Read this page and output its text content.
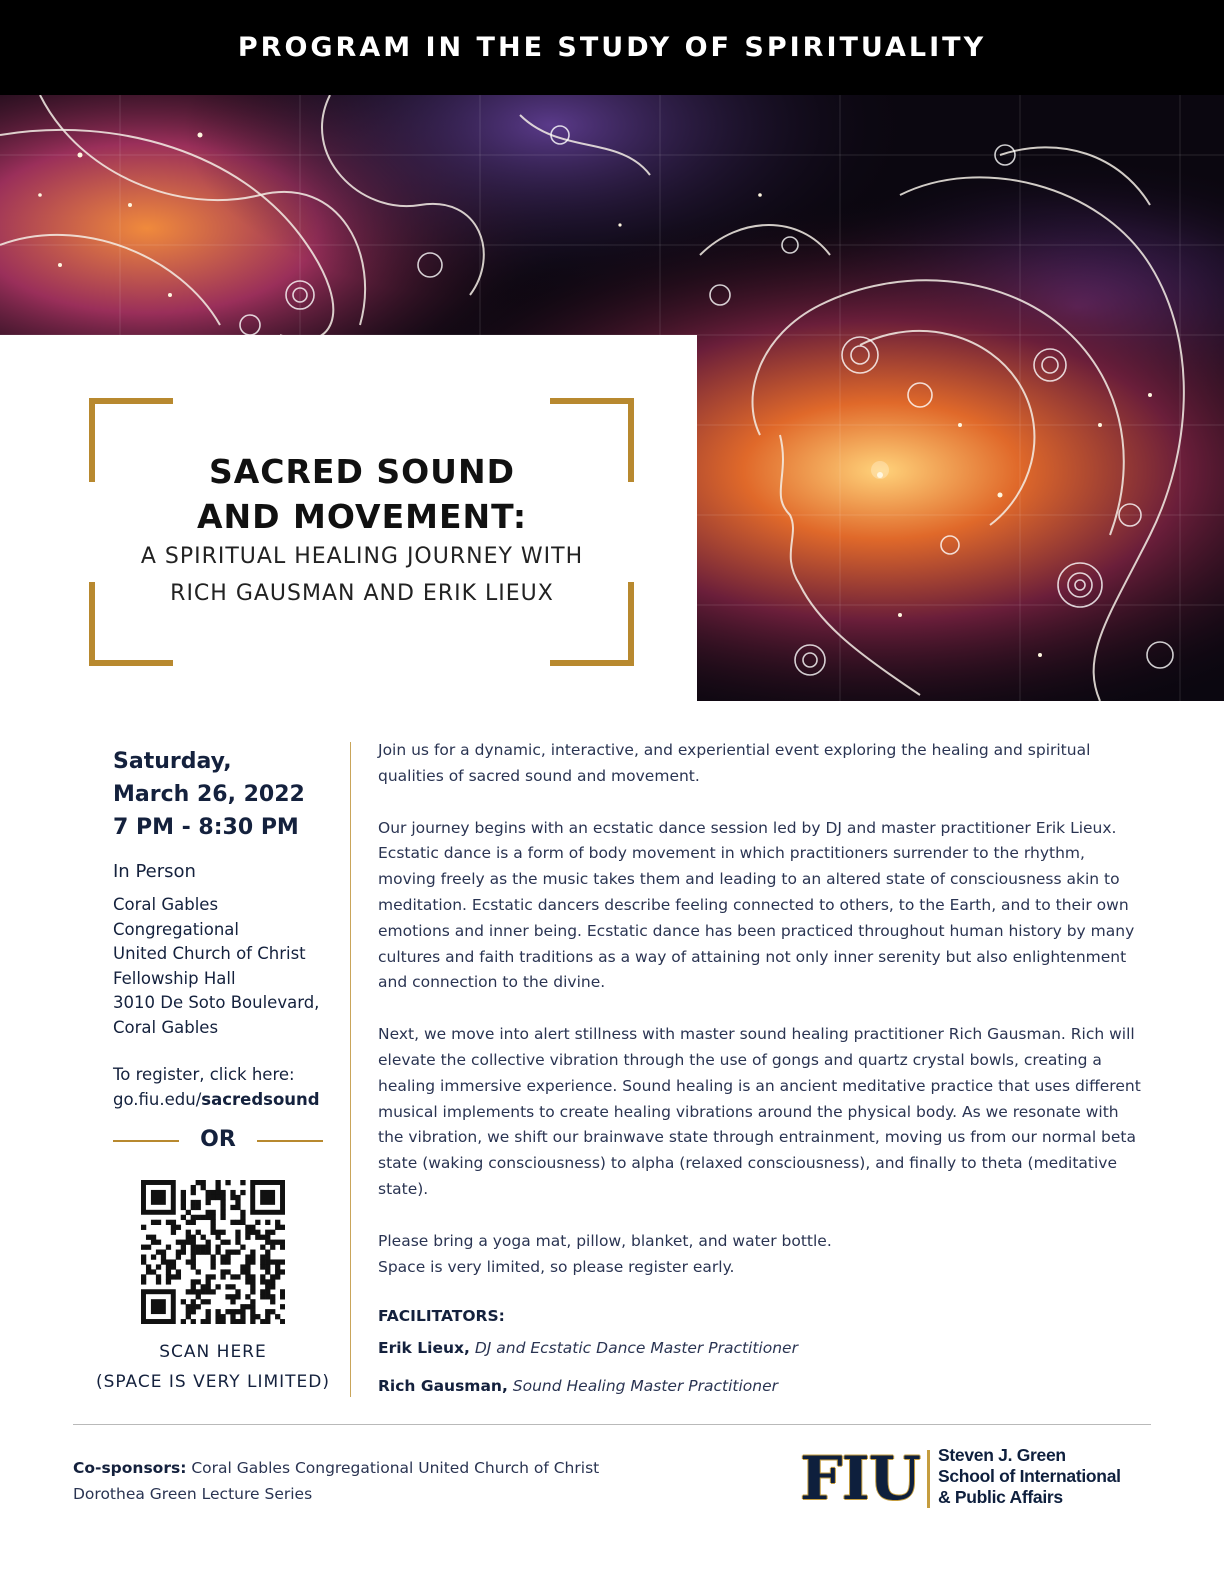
PROGRAM IN THE STUDY OF SPIRITUALITY
SACRED SOUND
AND MOVEMENT:
A SPIRITUAL HEALING JOURNEY WITH
RICH GAUSMAN AND ERIK LIEUX
Saturday,
March 26, 2022
7 PM - 8:30 PM
In Person
Coral Gables
Congregational
United Church of Christ
Fellowship Hall
3010 De Soto Boulevard,
Coral Gables
To register, click here:
go.fiu.edu/sacredsound
OR
SCAN HERE
(SPACE IS VERY LIMITED)

Join us for a dynamic, interactive, and experiential event exploring the healing and spiritual qualities of sacred sound and movement.

Our journey begins with an ecstatic dance session led by DJ and master practitioner Erik Lieux. Ecstatic dance is a form of body movement in which practitioners surrender to the rhythm, moving freely as the music takes them and leading to an altered state of consciousness akin to meditation. Ecstatic dancers describe feeling connected to others, to the Earth, and to their own emotions and inner being. Ecstatic dance has been practiced throughout human history by many cultures and faith traditions as a way of attaining not only inner serenity but also enlightenment and connection to the divine.

Next, we move into alert stillness with master sound healing practitioner Rich Gausman. Rich will elevate the collective vibration through the use of gongs and quartz crystal bowls, creating a healing immersive experience. Sound healing is an ancient meditative practice that uses different musical implements to create healing vibrations around the physical body. As we resonate with the vibration, we shift our brainwave state through entrainment, moving us from our normal beta state (waking consciousness) to alpha (relaxed consciousness), and finally to theta (meditative state).

Please bring a yoga mat, pillow, blanket, and water bottle.
Space is very limited, so please register early.

FACILITATORS:
Erik Lieux, DJ and Ecstatic Dance Master Practitioner
Rich Gausman, Sound Healing Master Practitioner
Co-sponsors: Coral Gables Congregational United Church of Christ
Dorothea Green Lecture Series	FIU Steven J. Green
School of International
& Public Affairs
